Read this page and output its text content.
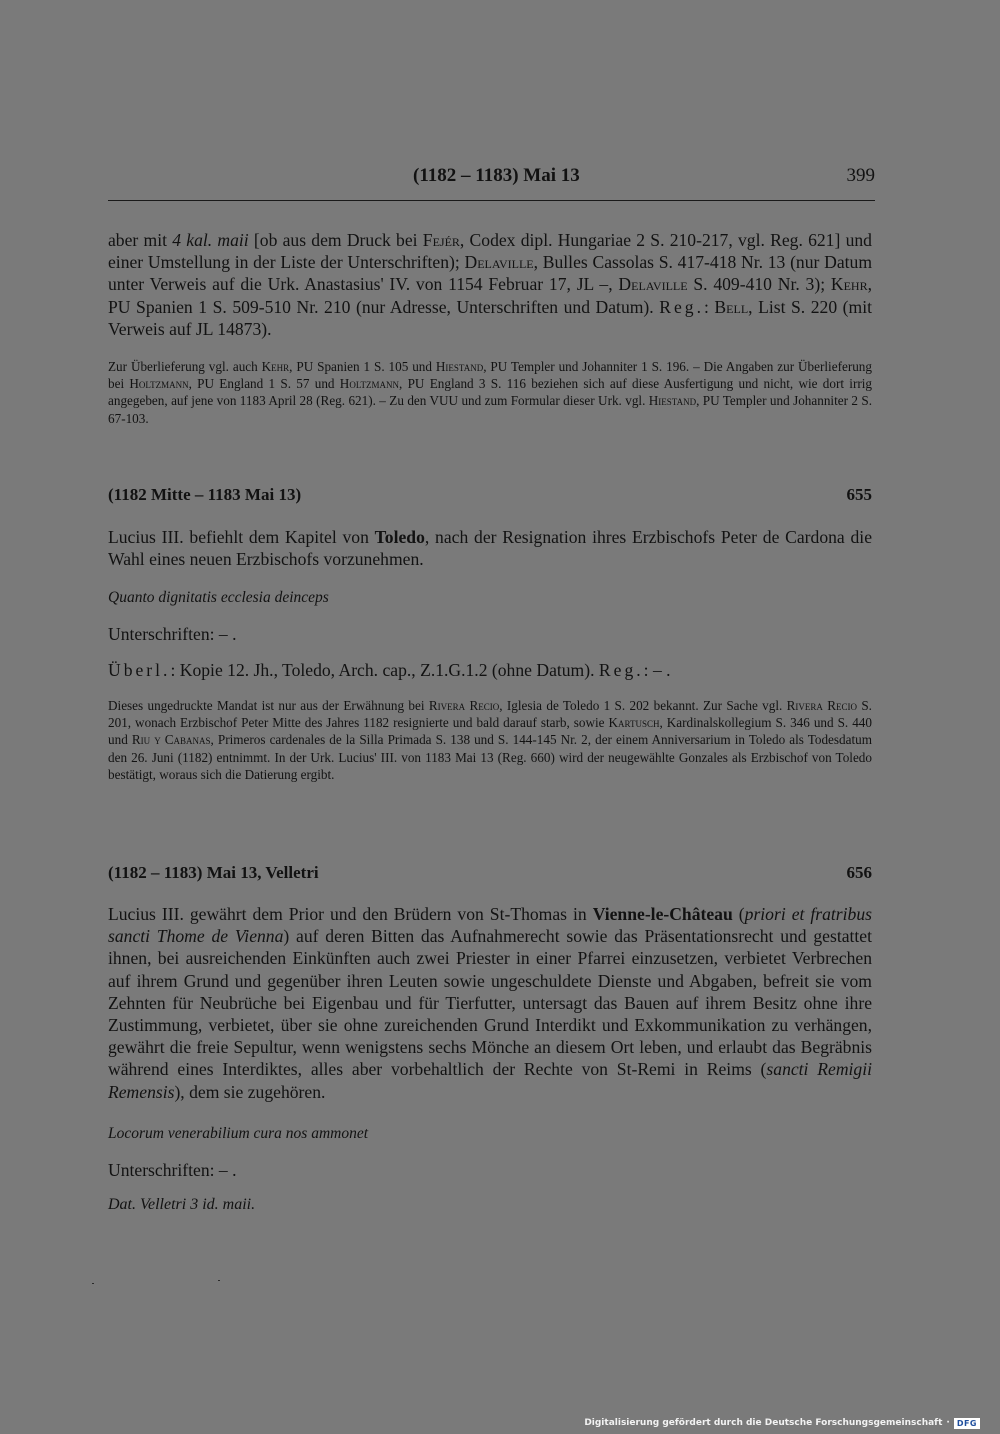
(1182 – 1183) Mai 13	399
aber mit 4 kal. maii [ob aus dem Druck bei Fejér, Codex dipl. Hungariae 2 S. 210-217, vgl. Reg. 621] und einer Umstellung in der Liste der Unterschriften); Delaville, Bulles Cassolas S. 417-418 Nr. 13 (nur Datum unter Verweis auf die Urk. Anastasius' IV. von 1154 Februar 17, JL –, Delaville S. 409-410 Nr. 3); Kehr, PU Spanien 1 S. 509-510 Nr. 210 (nur Adresse, Unterschriften und Datum). Reg.: Bell, List S. 220 (mit Verweis auf JL 14873).
Zur Überlieferung vgl. auch Kehr, PU Spanien 1 S. 105 und Hiestand, PU Templer und Johanniter 1 S. 196. – Die Angaben zur Überlieferung bei Holtzmann, PU England 1 S. 57 und Holtzmann, PU England 3 S. 116 beziehen sich auf diese Ausfertigung und nicht, wie dort irrig angegeben, auf jene von 1183 April 28 (Reg. 621). – Zu den VUU und zum Formular dieser Urk. vgl. Hiestand, PU Templer und Johanniter 2 S. 67-103.
(1182 Mitte – 1183 Mai 13)	655
Lucius III. befiehlt dem Kapitel von Toledo, nach der Resignation ihres Erzbischofs Peter de Cardona die Wahl eines neuen Erzbischofs vorzunehmen.
Quanto dignitatis ecclesia deinceps
Unterschriften: – .
Überl.: Kopie 12. Jh., Toledo, Arch. cap., Z.1.G.1.2 (ohne Datum). Reg.: – .
Dieses ungedruckte Mandat ist nur aus der Erwähnung bei Rivera Recio, Iglesia de Toledo 1 S. 202 bekannt. Zur Sache vgl. Rivera Recio S. 201, wonach Erzbischof Peter Mitte des Jahres 1182 resignierte und bald darauf starb, sowie Kartusch, Kardinalskollegium S. 346 und S. 440 und Riu y Cabanas, Primeros cardenales de la Silla Primada S. 138 und S. 144-145 Nr. 2, der einem Anniversarium in Toledo als Todesdatum den 26. Juni (1182) entnimmt. In der Urk. Lucius' III. von 1183 Mai 13 (Reg. 660) wird der neugewählte Gonzales als Erzbischof von Toledo bestätigt, woraus sich die Datierung ergibt.
(1182 – 1183) Mai 13, Velletri	656
Lucius III. gewährt dem Prior und den Brüdern von St-Thomas in Vienne-le-Château (priori et fratribus sancti Thome de Vienna) auf deren Bitten das Aufnahmerecht sowie das Präsentationsrecht und gestattet ihnen, bei ausreichenden Einkünften auch zwei Priester in einer Pfarrei einzusetzen, verbietet Verbrechen auf ihrem Grund und gegenüber ihren Leuten sowie ungeschuldete Dienste und Abgaben, befreit sie vom Zehnten für Neubrüche bei Eigenbau und für Tierfutter, untersagt das Bauen auf ihrem Besitz ohne ihre Zustimmung, verbietet, über sie ohne zureichenden Grund Interdikt und Exkommunikation zu verhängen, gewährt die freie Sepultur, wenn wenigstens sechs Mönche an diesem Ort leben, und erlaubt das Begräbnis während eines Interdiktes, alles aber vorbehaltlich der Rechte von St-Remi in Reims (sancti Remigii Remensis), dem sie zugehören.
Locorum venerabilium cura nos ammonet
Unterschriften: – .
Dat. Velletri 3 id. maii.
Digitalisierung gefördert durch die Deutsche Forschungsgemeinschaft · DFG
